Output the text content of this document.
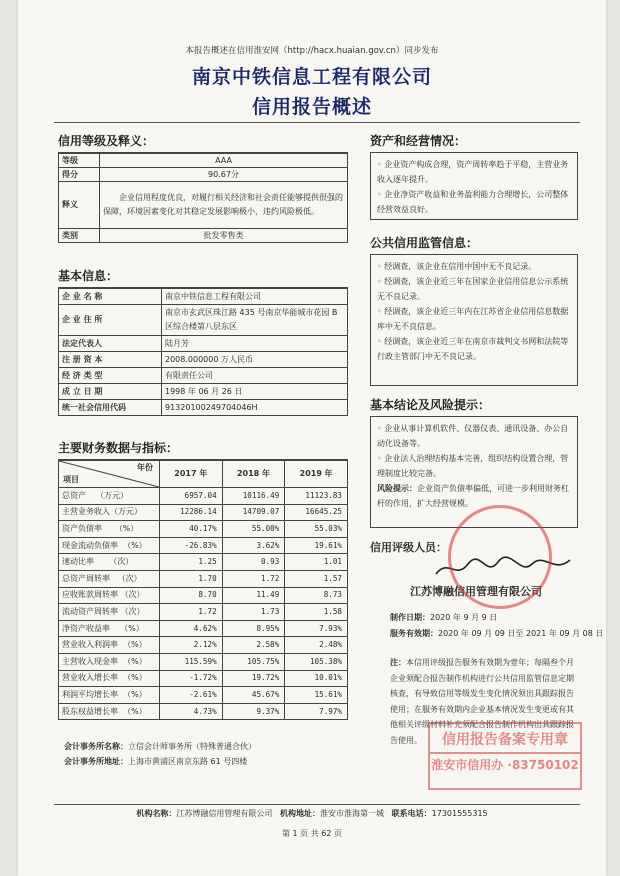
本报告概述在信用淮安网（http://hacx.huaian.gov.cn）同步发布
南京中铁信息工程有限公司
信用报告概述
信用等级及释义：
等级	AAA
得分	90.67分
释义	企业信用程度优良，对履行相关经济和社会责任能够提供很强的保障，环境因素变化对其稳定发展影响极小，违约风险极低。
类别	批发零售类
基本信息：
企 业 名 称	南京中铁信息工程有限公司
企 业 住 所	南京市玄武区珠江路 435 号南京华能城市花园 B 区综合楼第八层东区
法定代表人	陆月芳
注 册 资 本	2008.000000 万人民币
经 济 类 型	有限责任公司
成 立 日 期	1998 年 06 月 26 日
统一社会信用代码	91320100249704046H
主要财务数据与指标：
年份
项目	2017 年	2018 年	2019 年
总资产    （万元）	6957.04	10116.49	11123.83
主营业务收入（万元）	12286.14	14709.07	16645.25
资产负债率     （%）	40.17%	55.00%	55.03%
现金流动负债率  （%）	-26.83%	3.62%	19.61%
速动比率      （次）	1.25	0.93	1.01
总资产周转率   （次）	1.70	1.72	1.57
应收账款周转率 （次）	8.70	11.49	8.73
流动资产周转率 （次）	1.72	1.73	1.58
净资产收益率    （%）	4.62%	8.95%	7.93%
营业收入利润率  （%）	2.12%	2.58%	2.48%
主营收入现金率  （%）	115.59%	105.75%	105.38%
营业收入增长率  （%）	-1.72%	19.72%	10.01%
利润平均增长率  （%）	-2.61%	45.67%	15.61%
股东权益增长率  （%）	4.73%	9.37%	7.97%
会计事务所名称：立信会计师事务所（特殊普通合伙）
会计事务所地址：上海市黄浦区南京东路 61 号四楼
资产和经营情况：

◦ 企业资产构成合理，资产周转率趋于平稳，主营业务收入逐年提升。

◦ 企业净资产收益和业务盈利能力合理增长，公司整体经营效益良好。

公共信用监管信息：

◦ 经调查，该企业在信用中国中无不良记录。

◦ 经调查，该企业近三年在国家企业信用信息公示系统无不良记录。

◦ 经调查，该企业近三年内在江苏省企业信用信息数据库中无不良信息。

◦ 经调查，该企业近三年在南京市裁判文书网和法院等行政主管部门中无不良记录。

基本结论及风险提示：

◦ 企业从事计算机软件、仪器仪表、通讯设备、办公自动化设备等。

◦ 企业法人治理结构基本完善，组织结构设置合理，管理制度比较完备。

风险提示：企业资产负债率偏低，可进一步利用财务杠杆的作用，扩大经营规模。

信用评级人员：
江苏博融信用管理有限公司
制作日期：2020 年 9 月 9 日
服务有效期：2020 年 09 月 09 日至 2021 年 09 月 08 日
注：本信用评级报告服务有效期为壹年；每隔叁个月企业须配合报告制作机构进行公共信用监管信息定期核查，有导致信用等级发生变化情况须出具跟踪报告使用；在服务有效期内企业基本情况发生变更或有其他相关评级材料补充须配合报告制作机构出具跟踪报告使用。	信用报告备案专用章
淮安市信用办 ·83750102
机构名称：江苏博融信用管理有限公司 机构地址：淮安市淮海第一城 联系电话：17301555315
第 1 页 共 62 页
